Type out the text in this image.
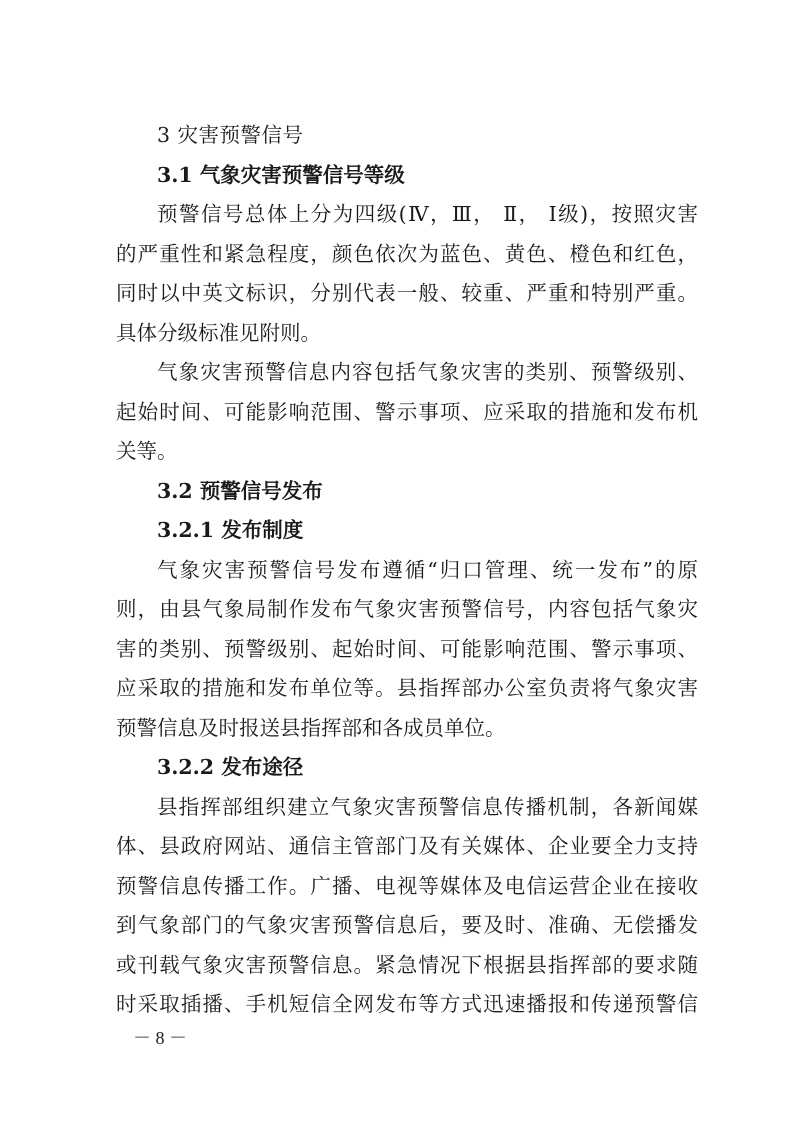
3 灾害预警信号
3.1 气象灾害预警信号等级
预警信号总体上分为四级(Ⅳ，Ⅲ， Ⅱ， Ⅰ级)，按照灾害
的严重性和紧急程度，颜色依次为蓝色、黄色、橙色和红色，
同时以中英文标识，分别代表一般、较重、严重和特别严重。
具体分级标准见附则。
气象灾害预警信息内容包括气象灾害的类别、预警级别、
起始时间、可能影响范围、警示事项、应采取的措施和发布机
关等。
3.2 预警信号发布
3.2.1 发布制度
气象灾害预警信号发布遵循“归口管理、统一发布”的原
则，由县气象局制作发布气象灾害预警信号，内容包括气象灾
害的类别、预警级别、起始时间、可能影响范围、警示事项、
应采取的措施和发布单位等。县指挥部办公室负责将气象灾害
预警信息及时报送县指挥部和各成员单位。
3.2.2 发布途径
县指挥部组织建立气象灾害预警信息传播机制，各新闻媒
体、县政府网站、通信主管部门及有关媒体、企业要全力支持
预警信息传播工作。广播、电视等媒体及电信运营企业在接收
到气象部门的气象灾害预警信息后，要及时、准确、无偿播发
或刊载气象灾害预警信息。紧急情况下根据县指挥部的要求随
时采取插播、手机短信全网发布等方式迅速播报和传递预警信
－ 8 －
